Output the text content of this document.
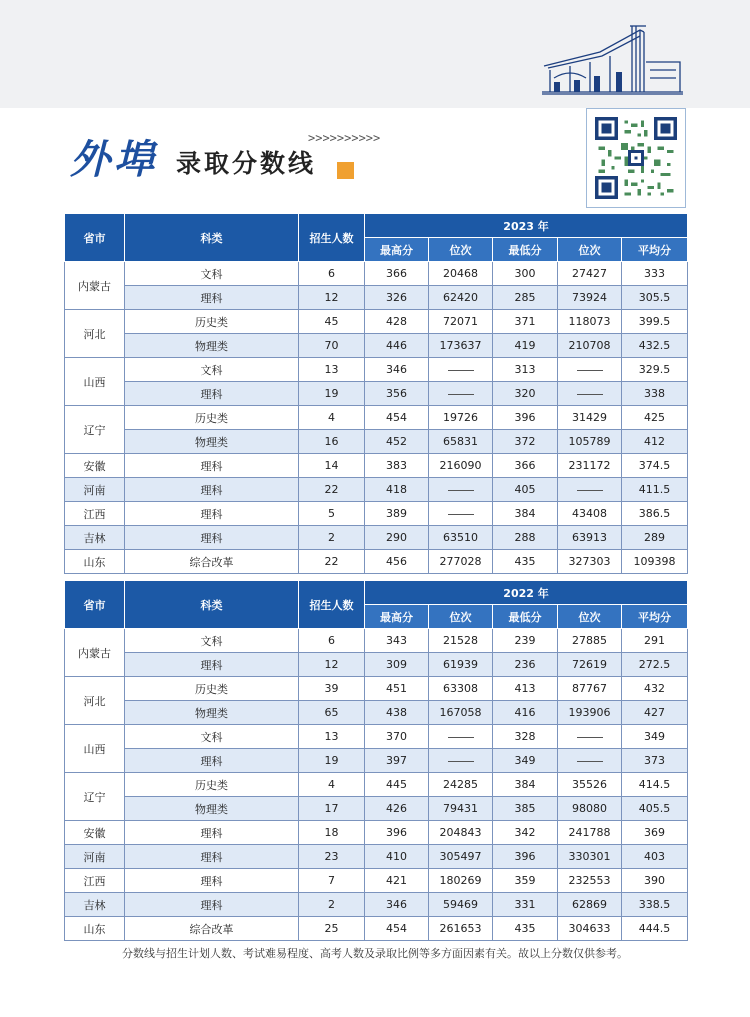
外埠 录取分数线
>>>>>>>>>>
省市	科类	招生人数	2023 年				
			最高分	位次	最低分	位次	平均分
内蒙古	文科	6	366	20468	300	27427	333
	理科	12	326	62420	285	73924	305.5
河北	历史类	45	428	72071	371	118073	399.5
	物理类	70	446	173637	419	210708	432.5
山西	文科	13	346		313		329.5
	理科	19	356		320		338
辽宁	历史类	4	454	19726	396	31429	425
	物理类	16	452	65831	372	105789	412
安徽	理科	14	383	216090	366	231172	374.5
河南	理科	22	418		405		411.5
江西	理科	5	389		384	43408	386.5
吉林	理科	2	290	63510	288	63913	289
山东	综合改革	22	456	277028	435	327303	109398
省市	科类	招生人数	2022 年				
			最高分	位次	最低分	位次	平均分
内蒙古	文科	6	343	21528	239	27885	291
	理科	12	309	61939	236	72619	272.5
河北	历史类	39	451	63308	413	87767	432
	物理类	65	438	167058	416	193906	427
山西	文科	13	370		328		349
	理科	19	397		349		373
辽宁	历史类	4	445	24285	384	35526	414.5
	物理类	17	426	79431	385	98080	405.5
安徽	理科	18	396	204843	342	241788	369
河南	理科	23	410	305497	396	330301	403
江西	理科	7	421	180269	359	232553	390
吉林	理科	2	346	59469	331	62869	338.5
山东	综合改革	25	454	261653	435	304633	444.5
分数线与招生计划人数、考试难易程度、高考人数及录取比例等多方面因素有关。故以上分数仅供参考。
